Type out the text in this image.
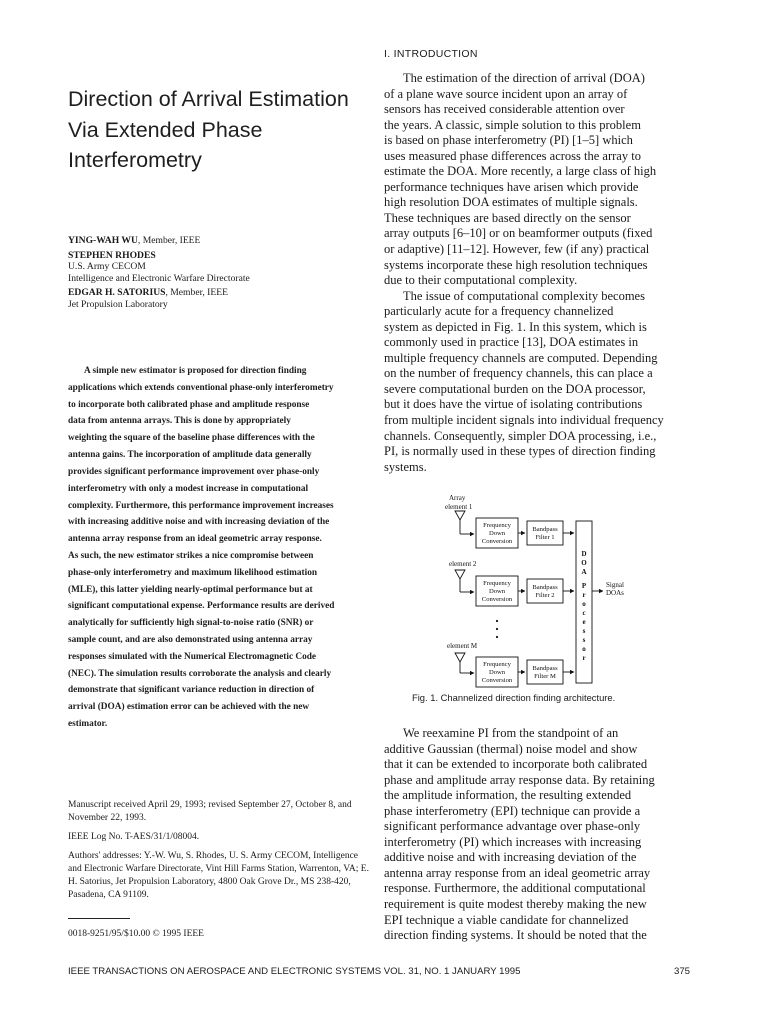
Direction of Arrival Estimation
Via Extended Phase
Interferometry
YING-WAH WU, Member, IEEE
STEPHEN RHODES
U.S. Army CECOM
Intelligence and Electronic Warfare Directorate
EDGAR H. SATORIUS, Member, IEEE
Jet Propulsion Laboratory
A simple new estimator is proposed for direction finding
applications which extends conventional phase-only interferometry
to incorporate both calibrated phase and amplitude response
data from antenna arrays. This is done by appropriately
weighting the square of the baseline phase differences with the
antenna gains. The incorporation of amplitude data generally
provides significant performance improvement over phase-only
interferometry with only a modest increase in computational
complexity. Furthermore, this performance improvement increases
with increasing additive noise and with increasing deviation of the
antenna array response from an ideal geometric array response.
As such, the new estimator strikes a nice compromise between
phase-only interferometry and maximum likelihood estimation
(MLE), this latter yielding nearly-optimal performance but at
significant computational expense. Performance results are derived
analytically for sufficiently high signal-to-noise ratio (SNR) or
sample count, and are also demonstrated using antenna array
responses simulated with the Numerical Electromagnetic Code
(NEC). The simulation results corroborate the analysis and clearly
demonstrate that significant variance reduction in direction of
arrival (DOA) estimation error can be achieved with the new
estimator.

Manuscript received April 29, 1993; revised September 27, October 8, and November 22, 1993.

IEEE Log No. T-AES/31/1/08004.

Authors' addresses: Y.-W. Wu, S. Rhodes, U. S. Army CECOM, Intelligence and Electronic Warfare Directorate, Vint Hill Farms Station, Warrenton, VA; E. H. Satorius, Jet Propulsion Laboratory, 4800 Oak Grove Dr., MS 238-420, Pasadena, CA 91109.

0018-9251/95/$10.00 © 1995 IEEE
I. INTRODUCTION
The estimation of the direction of arrival (DOA)
of a plane wave source incident upon an array of
sensors has received considerable attention over
the years. A classic, simple solution to this problem
is based on phase interferometry (PI) [1–5] which
uses measured phase differences across the array to
estimate the DOA. More recently, a large class of high
performance techniques have arisen which provide
high resolution DOA estimates of multiple signals.
These techniques are based directly on the sensor
array outputs [6–10] or on beamformer outputs (fixed
or adaptive) [11–12]. However, few (if any) practical
systems incorporate these high resolution techniques
due to their computational complexity.
The issue of computational complexity becomes
particularly acute for a frequency channelized
system as depicted in Fig. 1. In this system, which is
commonly used in practice [13], DOA estimates in
multiple frequency channels are computed. Depending
on the number of frequency channels, this can place a
severe computational burden on the DOA processor,
but it does have the virtue of isolating contributions
from multiple incident signals into individual frequency
channels. Consequently, simpler DOA processing, i.e.,
PI, is normally used in these types of direction finding
systems.
Array
element 1
element 2
element M
Frequency
Down
Conversion
Bandpass
Filter 1
Frequency
Down
Conversion
Bandpass
Filter 2
Frequency
Down
Conversion
Bandpass
Filter M
D
O
A
P
r
o
c
e
s
s
o
r
Signal
DOAs
Fig. 1. Channelized direction finding architecture.
We reexamine PI from the standpoint of an
additive Gaussian (thermal) noise model and show
that it can be extended to incorporate both calibrated
phase and amplitude array response data. By retaining
the amplitude information, the resulting extended
phase interferometry (EPI) technique can provide a
significant performance advantage over phase-only
interferometry (PI) which increases with increasing
additive noise and with increasing deviation of the
antenna array response from an ideal geometric array
response. Furthermore, the additional computational
requirement is quite modest thereby making the new
EPI technique a viable candidate for channelized
direction finding systems. It should be noted that the
IEEE TRANSACTIONS ON AEROSPACE AND ELECTRONIC SYSTEMS VOL. 31, NO. 1 JANUARY 1995	375
